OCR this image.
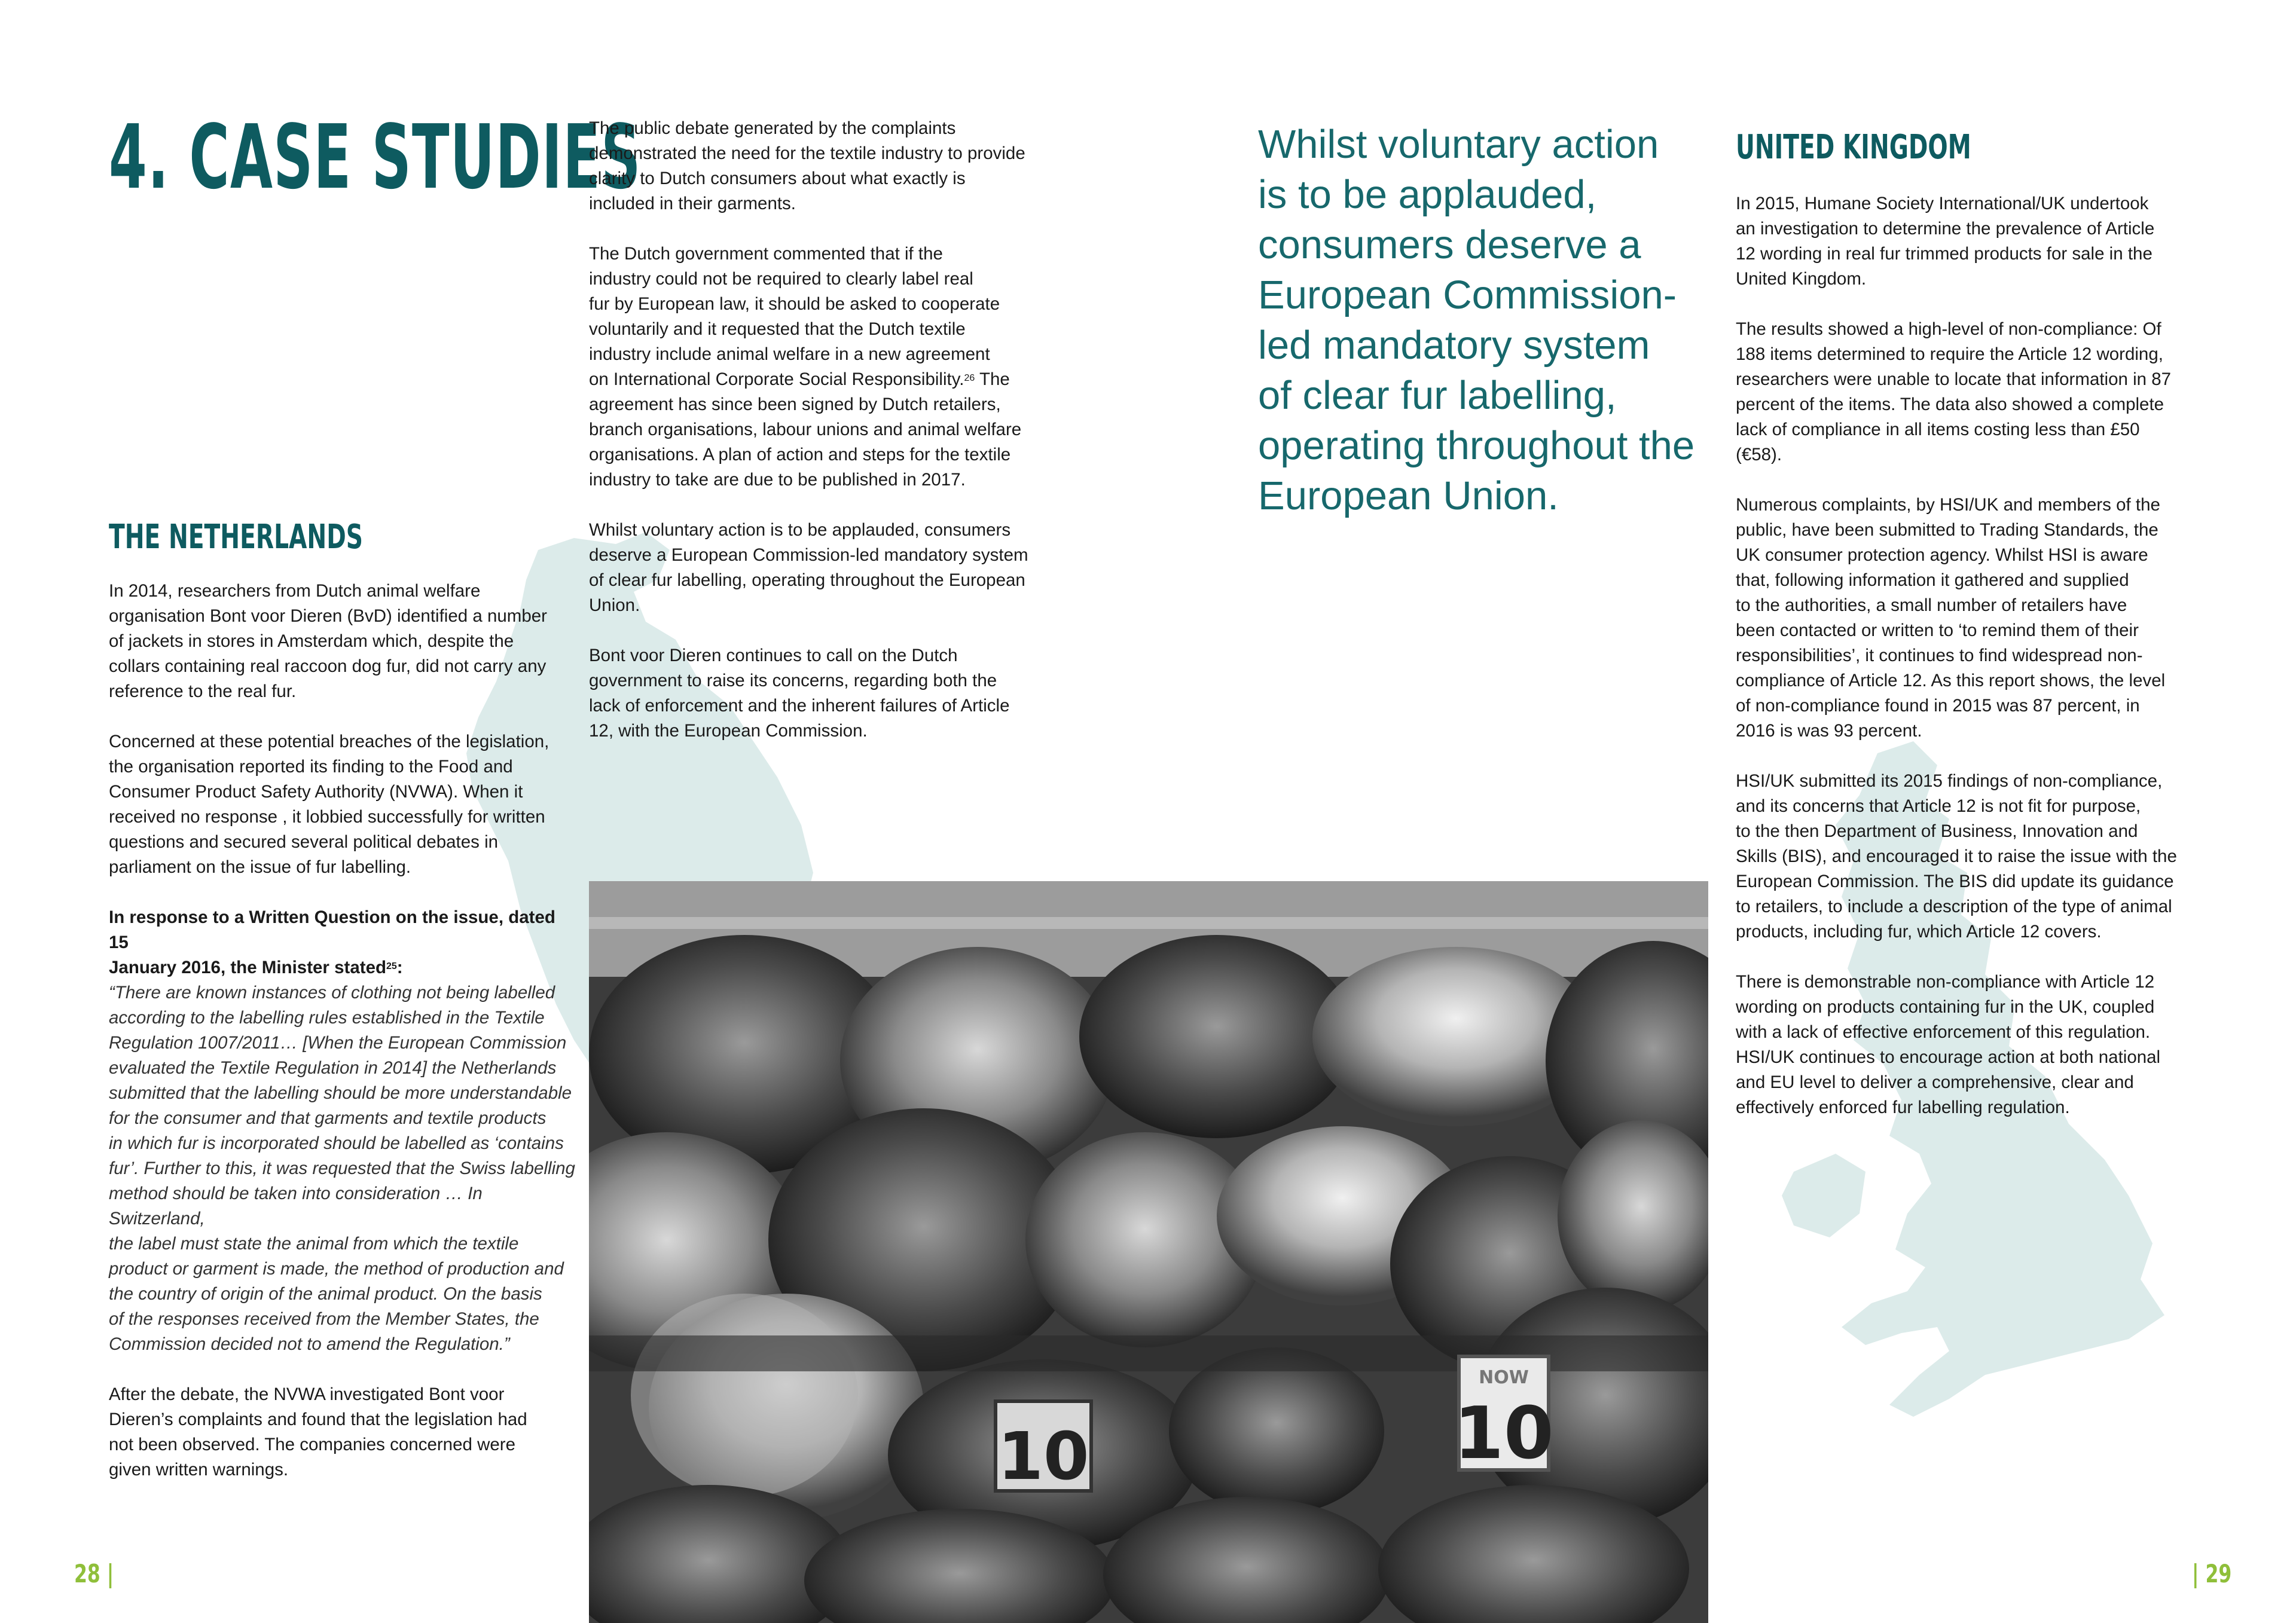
4. CASE STUDIES
THE NETHERLANDS

In 2014, researchers from Dutch animal welfare
organisation Bont voor Dieren (BvD) identified a number
of jackets in stores in Amsterdam which, despite the
collars containing real raccoon dog fur, did not carry any
reference to the real fur.

Concerned at these potential breaches of the legislation,
the organisation reported its finding to the Food and
Consumer Product Safety Authority (NVWA). When it
received no response , it lobbied successfully for written
questions and secured several political debates in
parliament on the issue of fur labelling.

In response to a Written Question on the issue, dated 15
January 2016, the Minister stated$^{25}$:

“There are known instances of clothing not being labelled
according to the labelling rules established in the Textile
Regulation 1007/2011… [When the European Commission
evaluated the Textile Regulation in 2014] the Netherlands
submitted that the labelling should be more understandable
for the consumer and that garments and textile products
in which fur is incorporated should be labelled as ‘contains
fur’. Further to this, it was requested that the Swiss labelling
method should be taken into consideration … In Switzerland,
the label must state the animal from which the textile
product or garment is made, the method of production and
the country of origin of the animal product. On the basis
of the responses received from the Member States, the
Commission decided not to amend the Regulation.”

After the debate, the NVWA investigated Bont voor
Dieren’s complaints and found that the legislation had
not been observed. The companies concerned were
given written warnings.

The public debate generated by the complaints
demonstrated the need for the textile industry to provide
clarity to Dutch consumers about what exactly is
included in their garments.

The Dutch government commented that if the
industry could not be required to clearly label real
fur by European law, it should be asked to cooperate
voluntarily and it requested that the Dutch textile
industry include animal welfare in a new agreement
on International Corporate Social Responsibility.$^{26}$ The
agreement has since been signed by Dutch retailers,
branch organisations, labour unions and animal welfare
organisations. A plan of action and steps for the textile
industry to take are due to be published in 2017.

Whilst voluntary action is to be applauded, consumers
deserve a European Commission-led mandatory system
of clear fur labelling, operating throughout the European
Union.

Bont voor Dieren continues to call on the Dutch
government to raise its concerns, regarding both the
lack of enforcement and the inherent failures of Article
12, with the European Commission.

Whilst voluntary action
is to be applauded,
consumers deserve a
European Commission-
led mandatory system
of clear fur labelling,
operating throughout the
European Union.
UNITED KINGDOM

In 2015, Humane Society International/UK undertook
an investigation to determine the prevalence of Article
12 wording in real fur trimmed products for sale in the
United Kingdom.

The results showed a high-level of non-compliance: Of
188 items determined to require the Article 12 wording,
researchers were unable to locate that information in 87
percent of the items. The data also showed a complete
lack of compliance in all items costing less than £50
(€58).

Numerous complaints, by HSI/UK and members of the
public, have been submitted to Trading Standards, the
UK consumer protection agency. Whilst HSI is aware
that, following information it gathered and supplied
to the authorities, a small number of retailers have
been contacted or written to ‘to remind them of their
responsibilities’, it continues to find widespread non-
compliance of Article 12. As this report shows, the level
of non-compliance found in 2015 was 87 percent, in
2016 is was 93 percent.

HSI/UK submitted its 2015 findings of non-compliance,
and its concerns that Article 12 is not fit for purpose,
to the then Department of Business, Innovation and
Skills (BIS), and encouraged it to raise the issue with the
European Commission. The BIS did update its guidance
to retailers, to include a description of the type of animal
products, including fur, which Article 12 covers.

There is demonstrable non-compliance with Article 12
wording on products containing fur in the UK, coupled
with a lack of effective enforcement of this regulation.
HSI/UK continues to encourage action at both national
and EU level to deliver a comprehensive, clear and
effectively enforced fur labelling regulation.

10
NOW
10
28 |	| 29
